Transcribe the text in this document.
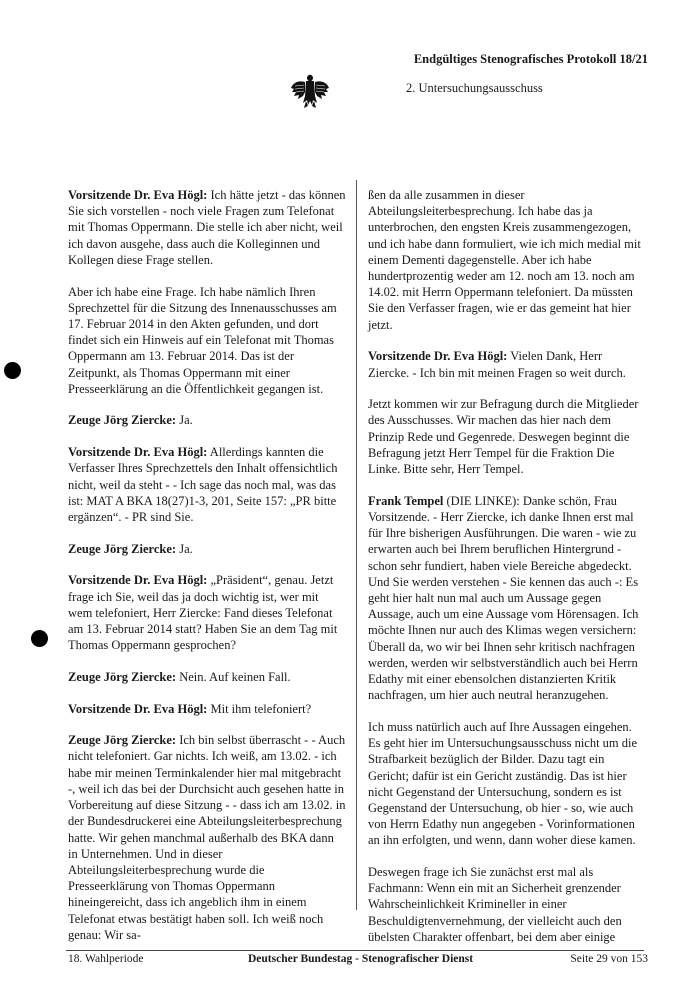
Endgültiges Stenografisches Protokoll 18/21
2. Untersuchungsausschuss

Vorsitzende Dr. Eva Högl: Ich hätte jetzt - das können Sie sich vorstellen - noch viele Fragen zum Telefonat mit Thomas Oppermann. Die stelle ich aber nicht, weil ich davon ausgehe, dass auch die Kolleginnen und Kollegen diese Frage stellen.

Aber ich habe eine Frage. Ich habe nämlich Ihren Sprechzettel für die Sitzung des Innenausschusses am 17. Februar 2014 in den Akten gefunden, und dort findet sich ein Hinweis auf ein Telefonat mit Thomas Oppermann am 13. Februar 2014. Das ist der Zeitpunkt, als Thomas Oppermann mit einer Presseerklärung an die Öffentlichkeit gegangen ist.

Zeuge Jörg Ziercke: Ja.

Vorsitzende Dr. Eva Högl: Allerdings kannten die Verfasser Ihres Sprechzettels den Inhalt offensichtlich nicht, weil da steht - - Ich sage das noch mal, was das ist: MAT A BKA 18(27)1-3, 201, Seite 157: „PR bitte ergänzen“. - PR sind Sie.

Zeuge Jörg Ziercke: Ja.

Vorsitzende Dr. Eva Högl: „Präsident“, genau. Jetzt frage ich Sie, weil das ja doch wichtig ist, wer mit wem telefoniert, Herr Ziercke: Fand dieses Telefonat am 13. Februar 2014 statt? Haben Sie an dem Tag mit Thomas Oppermann gesprochen?

Zeuge Jörg Ziercke: Nein. Auf keinen Fall.

Vorsitzende Dr. Eva Högl: Mit ihm telefoniert?

Zeuge Jörg Ziercke: Ich bin selbst überrascht - - Auch nicht telefoniert. Gar nichts. Ich weiß, am 13.02. - ich habe mir meinen Terminkalender hier mal mitgebracht -, weil ich das bei der Durchsicht auch gesehen hatte in Vorbereitung auf diese Sitzung - - dass ich am 13.02. in der Bundesdruckerei eine Abteilungsleiterbesprechung hatte. Wir gehen manchmal außerhalb des BKA dann in Unternehmen. Und in dieser Abteilungsleiterbesprechung wurde die Presseerklärung von Thomas Oppermann hineingereicht, dass ich angeblich ihm in einem Telefonat etwas bestätigt haben soll. Ich weiß noch genau: Wir sa-

ßen da alle zusammen in dieser Abteilungsleiterbesprechung. Ich habe das ja unterbrochen, den engsten Kreis zusammengezogen, und ich habe dann formuliert, wie ich mich medial mit einem Dementi dagegenstelle. Aber ich habe hundertprozentig weder am 12. noch am 13. noch am 14.02. mit Herrn Oppermann telefoniert. Da müssten Sie den Verfasser fragen, wie er das gemeint hat hier jetzt.

Vorsitzende Dr. Eva Högl: Vielen Dank, Herr Ziercke. - Ich bin mit meinen Fragen so weit durch.

Jetzt kommen wir zur Befragung durch die Mitglieder des Ausschusses. Wir machen das hier nach dem Prinzip Rede und Gegenrede. Deswegen beginnt die Befragung jetzt Herr Tempel für die Fraktion Die Linke. Bitte sehr, Herr Tempel.

Frank Tempel (DIE LINKE): Danke schön, Frau Vorsitzende. - Herr Ziercke, ich danke Ihnen erst mal für Ihre bisherigen Ausführungen. Die waren - wie zu erwarten auch bei Ihrem beruflichen Hintergrund - schon sehr fundiert, haben viele Bereiche abgedeckt. Und Sie werden verstehen - Sie kennen das auch -: Es geht hier halt nun mal auch um Aussage gegen Aussage, auch um eine Aussage vom Hörensagen. Ich möchte Ihnen nur auch des Klimas wegen versichern: Überall da, wo wir bei Ihnen sehr kritisch nachfragen werden, werden wir selbstverständlich auch bei Herrn Edathy mit einer ebensolchen distanzierten Kritik nachfragen, um hier auch neutral heranzugehen.

Ich muss natürlich auch auf Ihre Aussagen eingehen. Es geht hier im Untersuchungsausschuss nicht um die Strafbarkeit bezüglich der Bilder. Dazu tagt ein Gericht; dafür ist ein Gericht zuständig. Das ist hier nicht Gegenstand der Untersuchung, sondern es ist Gegenstand der Untersuchung, ob hier - so, wie auch von Herrn Edathy nun angegeben - Vorinformationen an ihn erfolgten, und wenn, dann woher diese kamen.

Deswegen frage ich Sie zunächst erst mal als Fachmann: Wenn ein mit an Sicherheit grenzender Wahrscheinlichkeit Krimineller in einer Beschuldigtenvernehmung, der vielleicht auch den übelsten Charakter offenbart, bei dem aber einige

18. Wahlperiode	Deutscher Bundestag - Stenografischer Dienst	Seite 29 von 153
